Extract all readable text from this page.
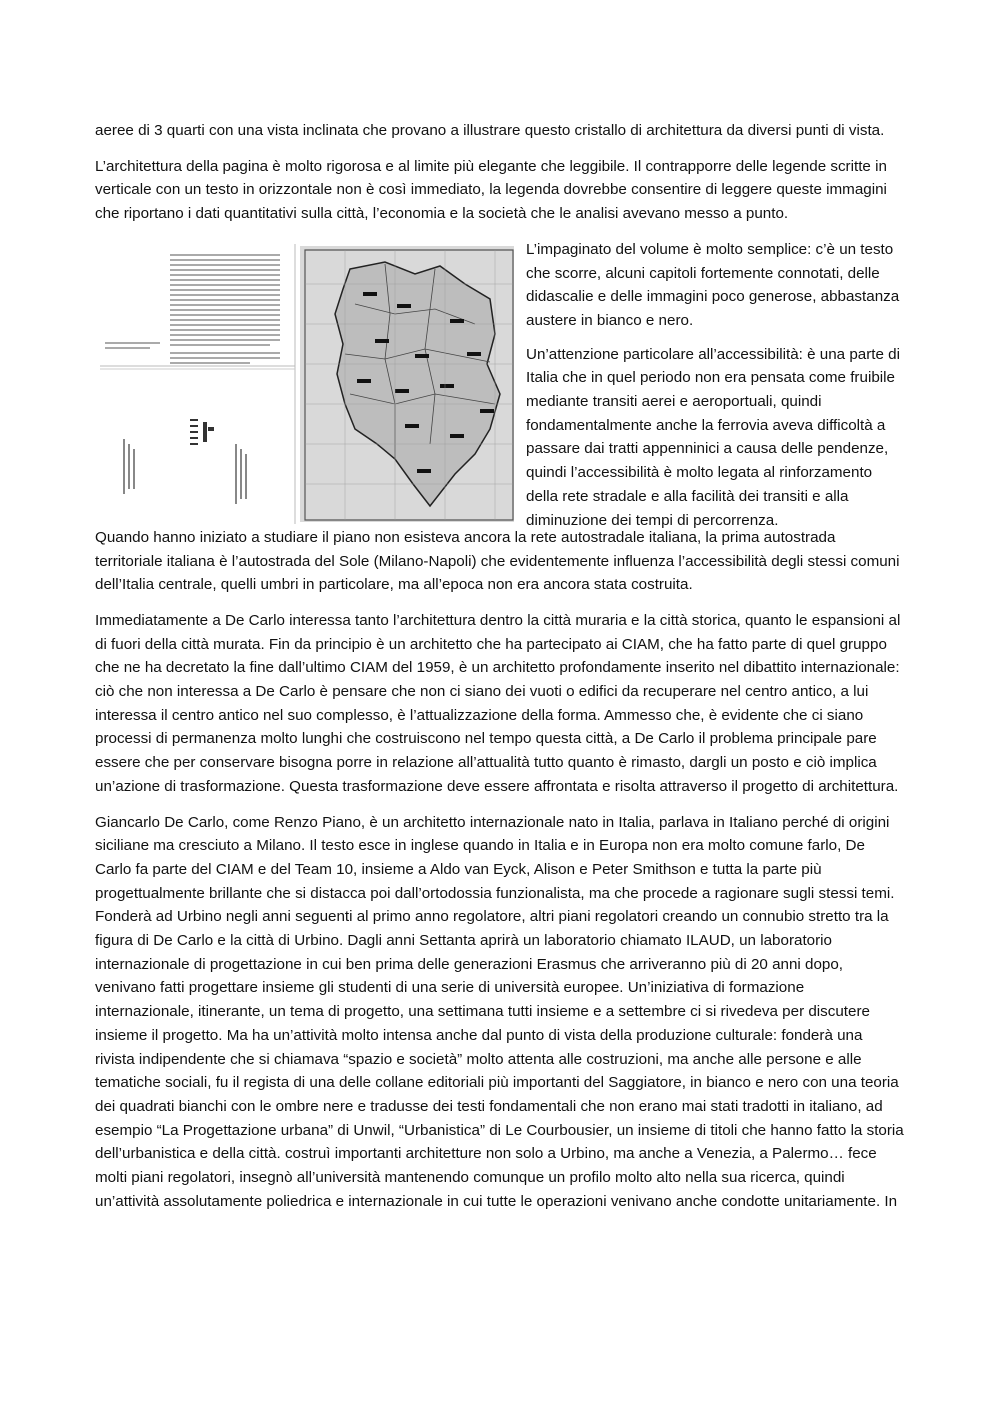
aeree di 3 quarti con una vista inclinata che provano a illustrare questo cristallo di architettura da diversi punti di vista.

L’architettura della pagina è molto rigorosa e al limite più elegante che leggibile. Il contrapporre delle legende scritte in verticale con un testo in orizzontale non è così immediato, la legenda dovrebbe consentire di leggere queste immagini che riportano i dati quantitativi sulla città, l’economia e la società che le analisi avevano messo a punto.

L’impaginato del volume è molto semplice: c’è un testo che scorre, alcuni capitoli fortemente connotati, delle didascalie e delle immagini poco generose, abbastanza austere in bianco e nero.

Un’attenzione particolare all’accessibilità: è una parte di Italia che in quel periodo non era pensata come fruibile mediante transiti aerei e aeroportuali, quindi fondamentalmente anche la ferrovia aveva difficoltà a passare dai tratti appenninici a causa delle pendenze, quindi l’accessibilità è molto legata al rinforzamento della rete stradale e alla facilità dei transiti e alla diminuzione dei tempi di percorrenza.

Quando hanno iniziato a studiare il piano non esisteva ancora la rete autostradale italiana, la prima autostrada territoriale italiana è l’autostrada del Sole (Milano-Napoli) che evidentemente influenza l’accessibilità degli stessi comuni dell’Italia centrale, quelli umbri in particolare, ma all’epoca non era ancora stata costruita.

Immediatamente a De Carlo interessa tanto l’architettura dentro la città muraria e la città storica, quanto le espansioni al di fuori della città murata. Fin da principio è un architetto che ha partecipato ai CIAM, che ha fatto parte di quel gruppo che ne ha decretato la fine dall’ultimo CIAM del 1959, è un architetto profondamente inserito nel dibattito internazionale: ciò che non interessa a De Carlo è pensare che non ci siano dei vuoti o edifici da recuperare nel centro antico, a lui interessa il centro antico nel suo complesso, è l’attualizzazione della forma. Ammesso che, è evidente che ci siano processi di permanenza molto lunghi che costruiscono nel tempo questa città, a De Carlo il problema principale pare essere che per conservare bisogna porre in relazione all’attualità tutto quanto è rimasto, dargli un posto e ciò implica un’azione di trasformazione. Questa trasformazione deve essere affrontata e risolta attraverso il progetto di architettura.

Giancarlo De Carlo, come Renzo Piano, è un architetto internazionale nato in Italia, parlava in Italiano perché di origini siciliane ma cresciuto a Milano. Il testo esce in inglese quando in Italia e in Europa non era molto comune farlo, De Carlo fa parte del CIAM e del Team 10, insieme a Aldo van Eyck, Alison e Peter Smithson e tutta la parte più progettualmente brillante che si distacca poi dall’ortodossia funzionalista, ma che procede a ragionare sugli stessi temi. Fonderà ad Urbino negli anni seguenti al primo anno regolatore, altri piani regolatori creando un connubio stretto tra la figura di De Carlo e la città di Urbino. Dagli anni Settanta aprirà un laboratorio chiamato ILAUD, un laboratorio internazionale di progettazione in cui ben prima delle generazioni Erasmus che arriveranno più di 20 anni dopo, venivano fatti progettare insieme gli studenti di una serie di università europee. Un’iniziativa di formazione internazionale, itinerante, un tema di progetto, una settimana tutti insieme e a settembre ci si rivedeva per discutere insieme il progetto. Ma ha un’attività molto intensa anche dal punto di vista della produzione culturale: fonderà una rivista indipendente che si chiamava “spazio e società” molto attenta alle costruzioni, ma anche alle persone e alle tematiche sociali, fu il regista di una delle collane editoriali più importanti del Saggiatore, in bianco e nero con una teoria dei quadrati bianchi con le ombre nere e tradusse dei testi fondamentali che non erano mai stati tradotti in italiano, ad esempio “La Progettazione urbana” di Unwil, “Urbanistica” di Le Courbousier, un insieme di titoli che hanno fatto la storia dell’urbanistica e della città. costruì importanti architetture non solo a Urbino, ma anche a Venezia, a Palermo… fece molti piani regolatori, insegnò all’università mantenendo comunque un profilo molto alto nella sua ricerca, quindi un’attività assolutamente poliedrica e internazionale in cui tutte le operazioni venivano anche condotte unitariamente. In
